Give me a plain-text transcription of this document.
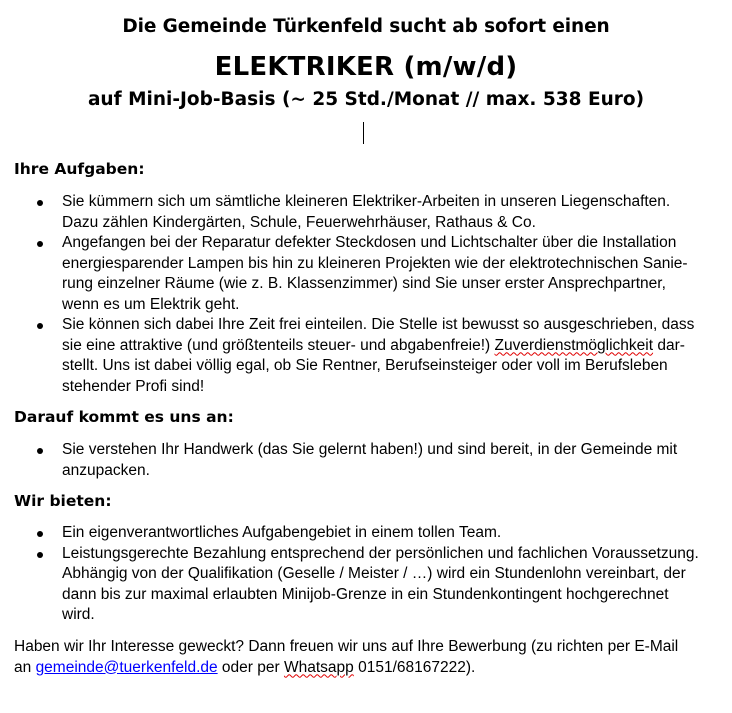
Die Gemeinde Türkenfeld sucht ab sofort einen
ELEKTRIKER (m/w/d)
auf Mini-Job-Basis (~ 25 Std./Monat // max. 538 Euro)
Ihre Aufgaben:
Sie kümmern sich um sämtliche kleineren Elektriker-Arbeiten in unseren Liegenschaften.
Dazu zählen Kindergärten, Schule, Feuerwehrhäuser, Rathaus & Co.
Angefangen bei der Reparatur defekter Steckdosen und Lichtschalter über die Installation
energiesparender Lampen bis hin zu kleineren Projekten wie der elektrotechnischen Sanie-
rung einzelner Räume (wie z. B. Klassenzimmer) sind Sie unser erster Ansprechpartner,
wenn es um Elektrik geht.
Sie können sich dabei Ihre Zeit frei einteilen. Die Stelle ist bewusst so ausgeschrieben, dass
sie eine attraktive (und größtenteils steuer- und abgabenfreie!) Zuverdienstmöglichkeit dar-
stellt. Uns ist dabei völlig egal, ob Sie Rentner, Berufseinsteiger oder voll im Berufsleben
stehender Profi sind!
Darauf kommt es uns an:
Sie verstehen Ihr Handwerk (das Sie gelernt haben!) und sind bereit, in der Gemeinde mit
anzupacken.
Wir bieten:
Ein eigenverantwortliches Aufgabengebiet in einem tollen Team.
Leistungsgerechte Bezahlung entsprechend der persönlichen und fachlichen Voraussetzung.
Abhängig von der Qualifikation (Geselle / Meister / …) wird ein Stundenlohn vereinbart, der
dann bis zur maximal erlaubten Minijob-Grenze in ein Stundenkontingent hochgerechnet
wird.
Haben wir Ihr Interesse geweckt? Dann freuen wir uns auf Ihre Bewerbung (zu richten per E-Mail
an gemeinde@tuerkenfeld.de oder per Whatsapp 0151/68167222).
